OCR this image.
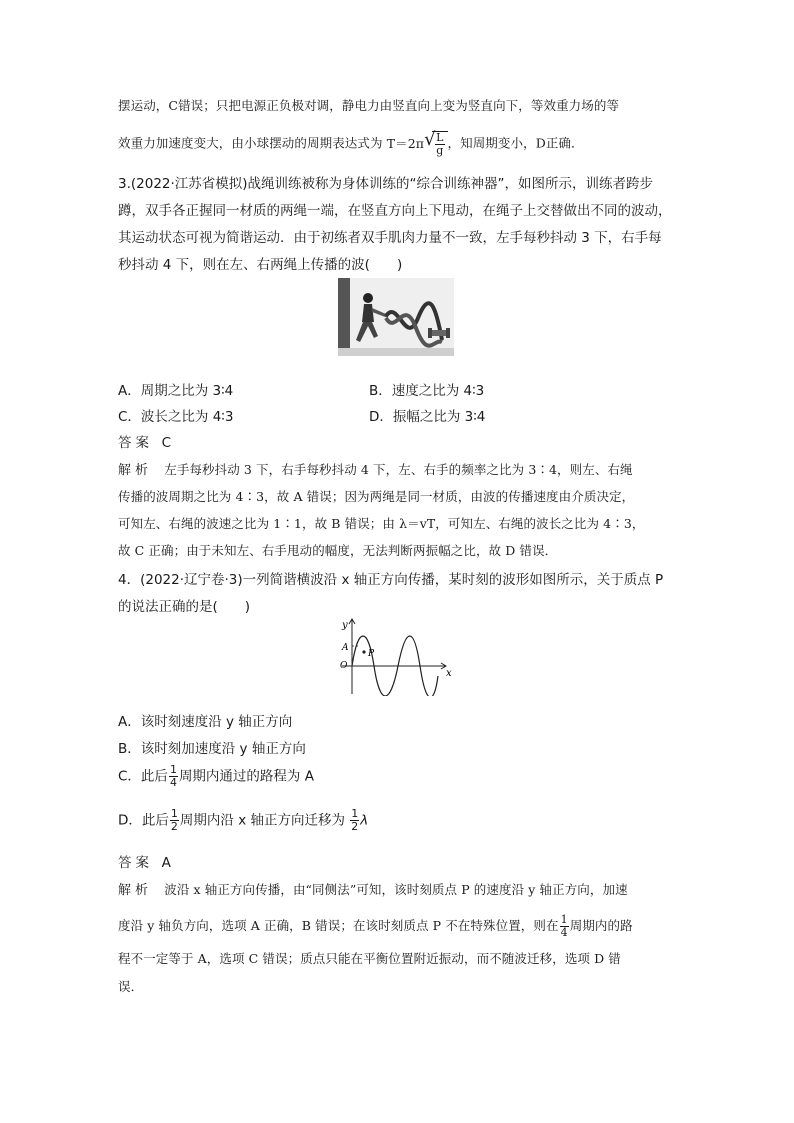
摆运动，C错误；只把电源正负极对调，静电力由竖直向上变为竖直向下，等效重力场的等
效重力加速度变大，由小球摆动的周期表达式为 T＝2π √ $\frac{L}{g}$ ，知周期变小，D正确．
3.(2022·江苏省模拟)战绳训练被称为身体训练的“综合训练神器”，如图所示，训练者跨步
蹲，双手各正握同一材质的两绳一端，在竖直方向上下甩动，在绳子上交替做出不同的波动，
其运动状态可视为简谐运动．由于初练者双手肌肉力量不一致，左手每秒抖动 3 下，右手每
秒抖动 4 下，则在左、右两绳上传播的波(　　)
A．周期之比为 3∶4	B．速度之比为 4∶3
C．波长之比为 4∶3	D．振幅之比为 3∶4
答案 C
解析 左手每秒抖动 3 下，右手每秒抖动 4 下，左、右手的频率之比为 3∶4，则左、右绳
传播的波周期之比为 4∶3，故 A 错误；因为两绳是同一材质，由波的传播速度由介质决定，
可知左、右绳的波速之比为 1∶1，故 B 错误；由 λ＝vT，可知左、右绳的波长之比为 4∶3，
故 C 正确；由于未知左、右手甩动的幅度，无法判断两振幅之比，故 D 错误．
4．(2022·辽宁卷·3)一列简谐横波沿 x 轴正方向传播，某时刻的波形如图所示，关于质点 P
的说法正确的是(　　)
y
x
O
A
P
A．该时刻速度沿 y 轴正方向
B．该时刻加速度沿 y 轴正方向
C．此后 $\frac{1}{4}$ 周期内通过的路程为 A
D．此后 $\frac{1}{2}$ 周期内沿 x 轴正方向迁移为 $\frac{1}{2}$ λ
答案 A
解析 波沿 x 轴正方向传播，由“同侧法”可知，该时刻质点 P 的速度沿 y 轴正方向，加速
度沿 y 轴负方向，选项 A 正确，B 错误；在该时刻质点 P 不在特殊位置，则在 $\frac{1}{4}$ 周期内的路
程不一定等于 A，选项 C 错误；质点只能在平衡位置附近振动，而不随波迁移，选项 D 错
误．
